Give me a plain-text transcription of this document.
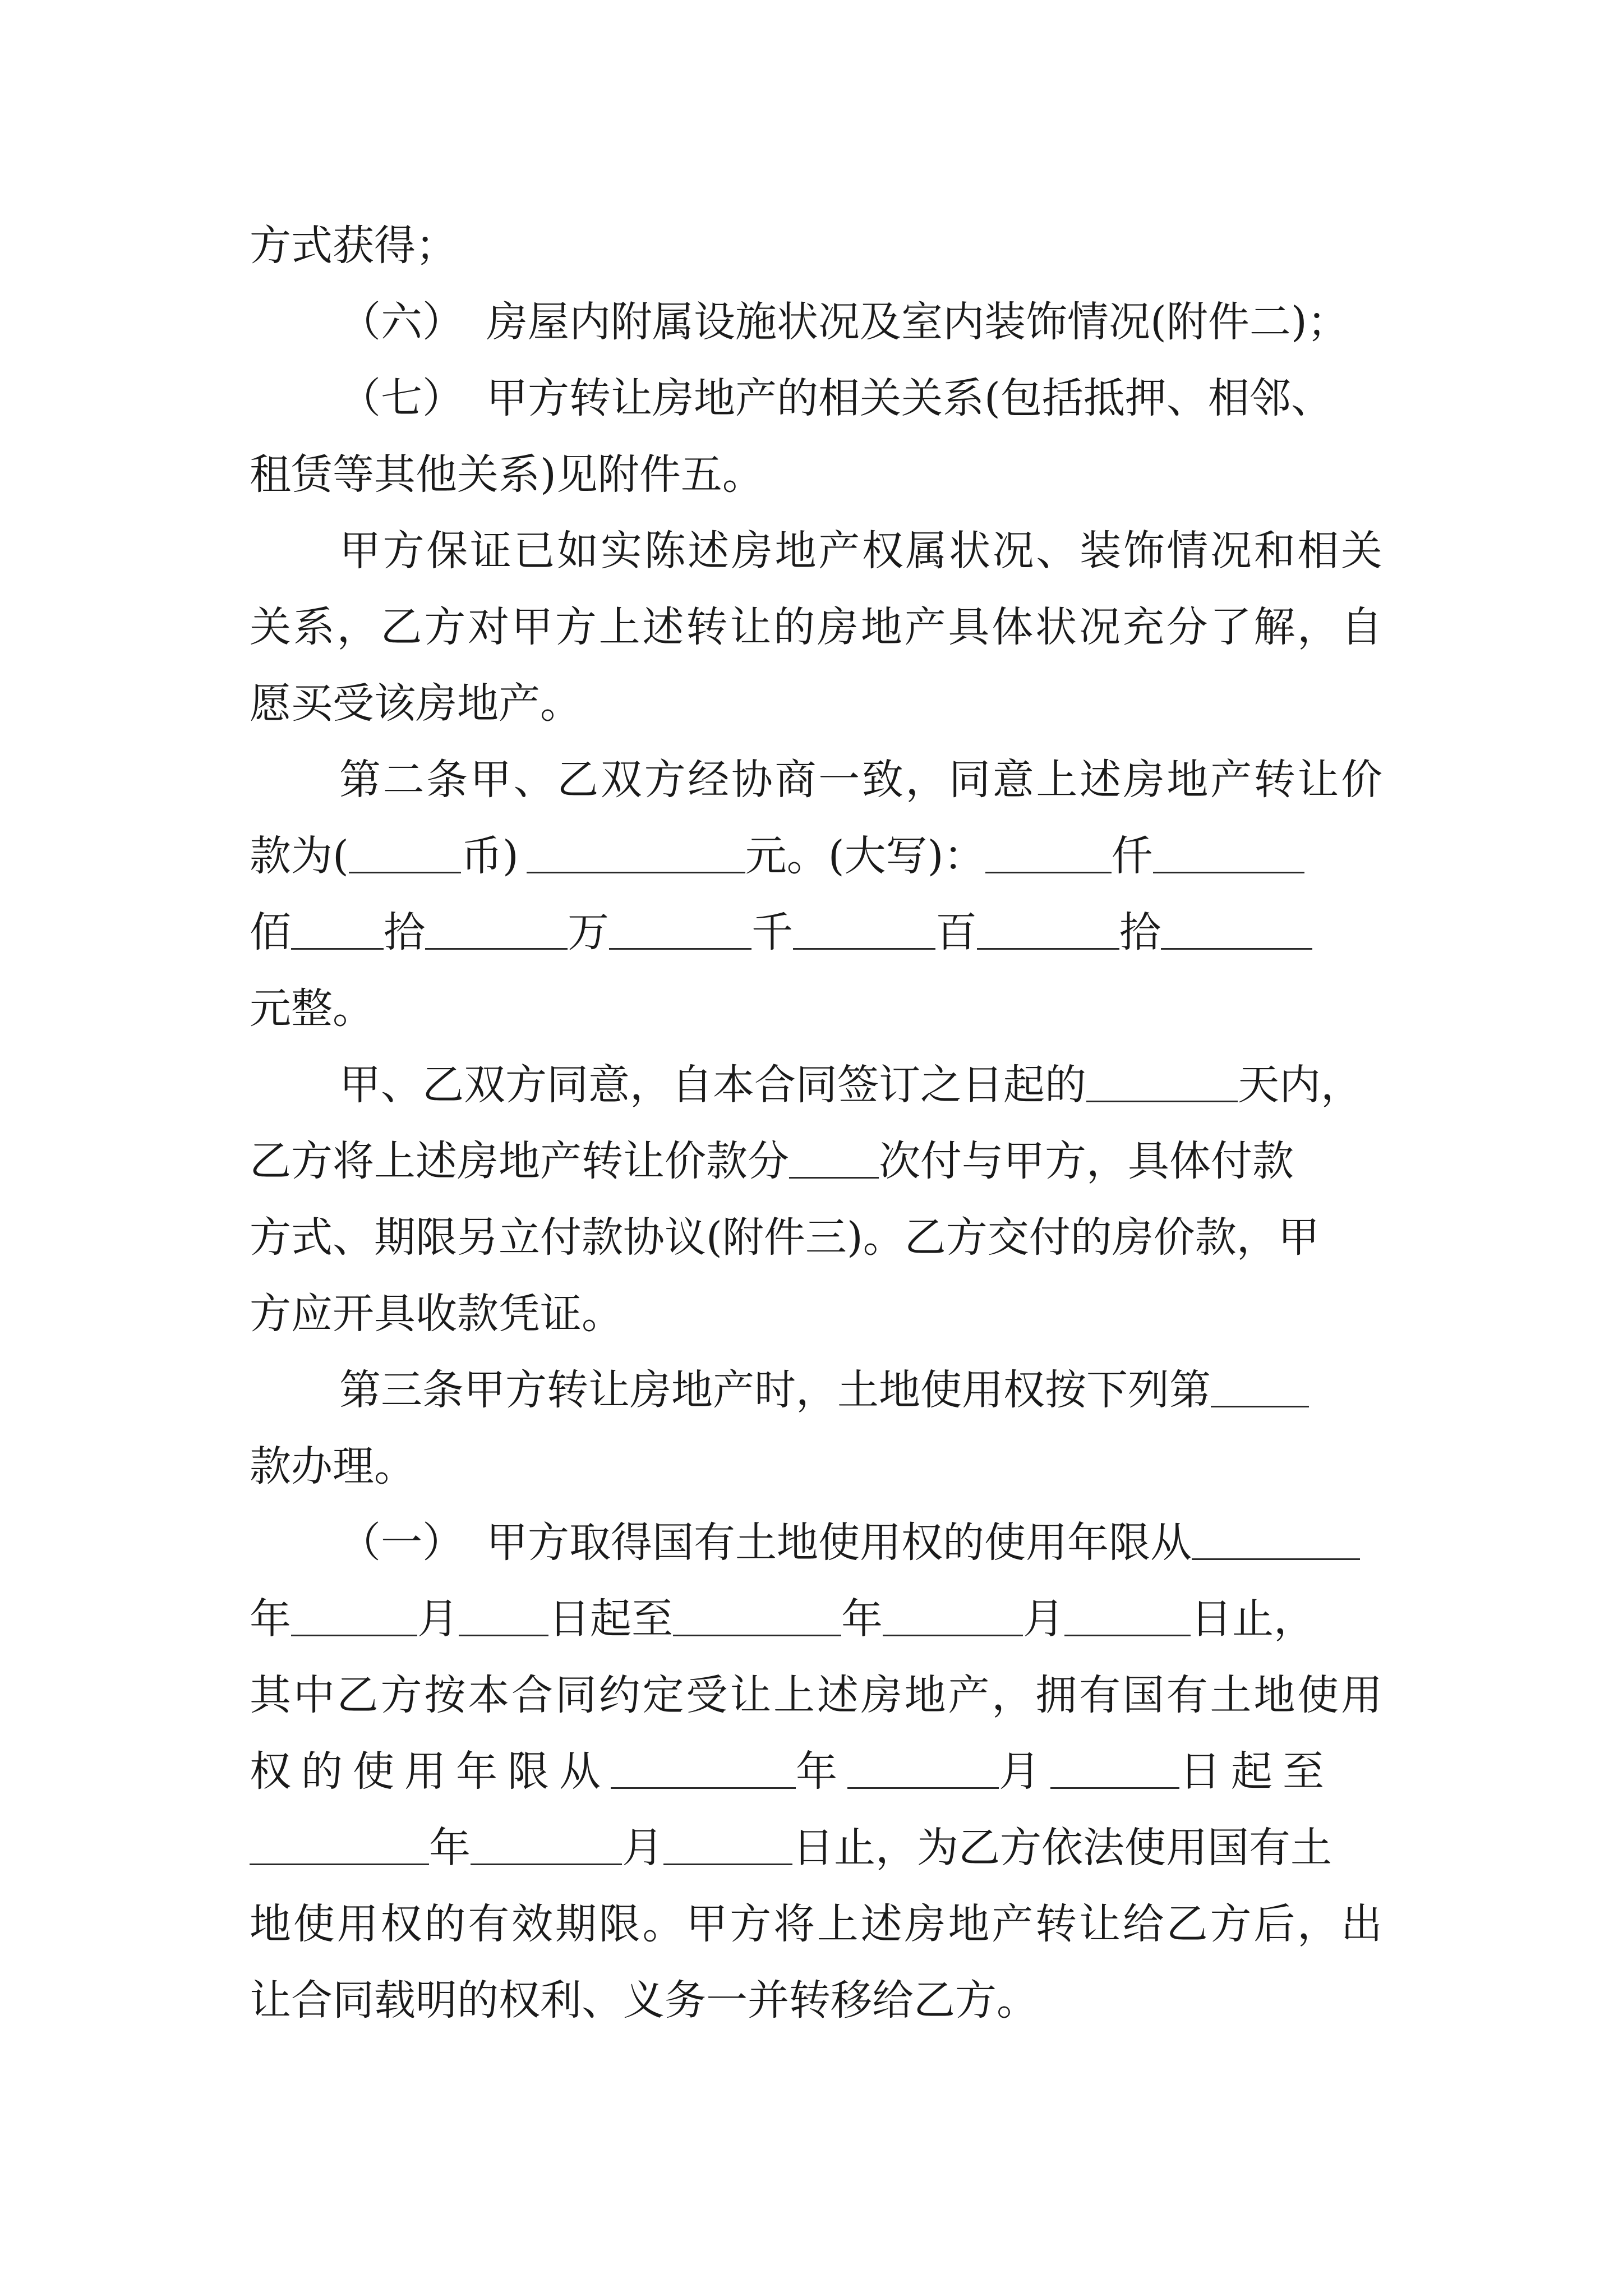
方式获得；
（六） 房屋内附属设施状况及室内装饰情况(附件二)；
（七） 甲方转让房地产的相关关系(包括抵押、相邻、
租赁等其他关系)见附件五。
甲方保证已如实陈述房地产权属状况、装饰情况和相关
关系，乙方对甲方上述转让的房地产具体状况充分了解，自
愿买受该房地产。
第二条甲、乙双方经协商一致，同意上述房地产转让价
款为(	币)	元。(大写)：	仟
佰 拾	万	千	百	拾
元整。
甲、乙双方同意，自本合同签订之日起的	天内，
乙方将上述房地产转让价款分 次付与甲方，具体付款
方式、期限另立付款协议(附件三)。乙方交付的房价款，甲
方应开具收款凭证。
第三条甲方转让房地产时，土地使用权按下列第
款办理。
（一） 甲方取得国有土地使用权的使用年限从
年	月 日起至	年	月	日止，
其中乙方按本合同约定受让上述房地产，拥有国有土地使用
权的使用年限从	年	月	日起至
年	月	日止，为乙方依法使用国有土
地使用权的有效期限。甲方将上述房地产转让给乙方后，出
让合同载明的权利、义务一并转移给乙方。
